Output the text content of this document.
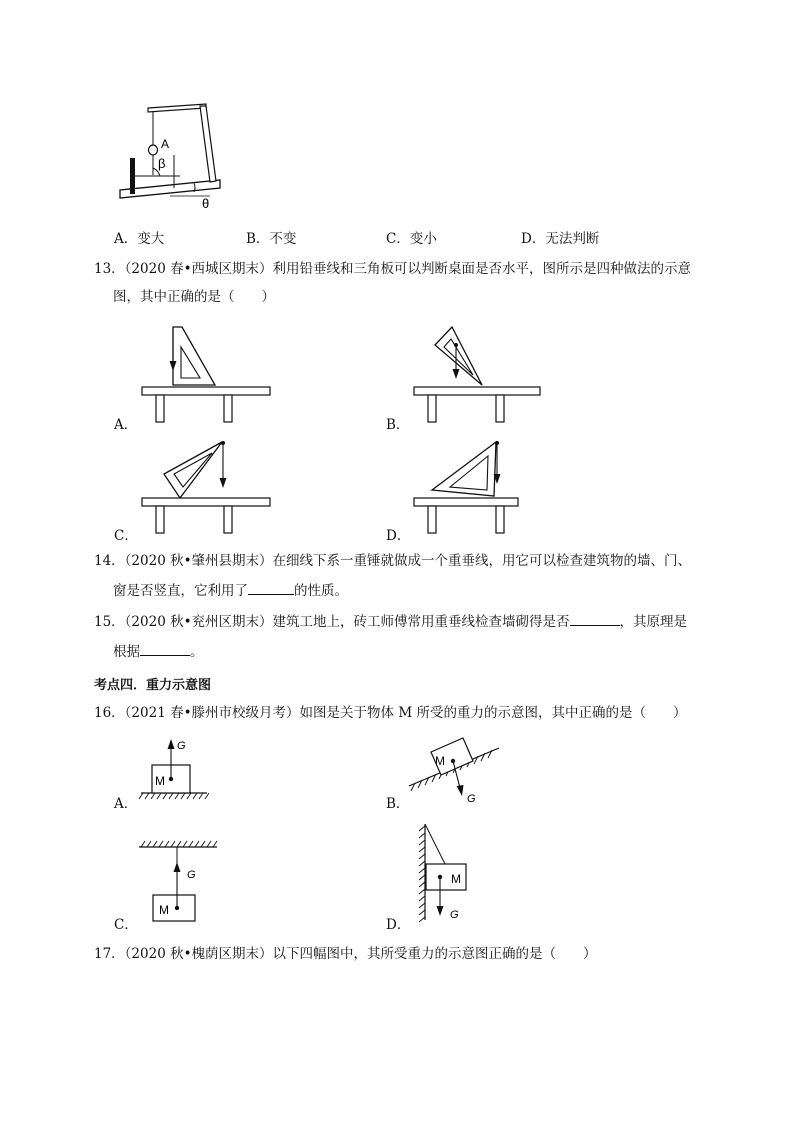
A
β
θ
A．变大	B．不变	C．变小	D．无法判断
13．（2020 春•西城区期末）利用铅垂线和三角板可以判断桌面是否水平，图所示是四种做法的示意
图，其中正确的是（　　）
A．	B．
C．	D．
14．（2020 秋•肇州县期末）在细线下系一重锤就做成一个重垂线，用它可以检查建筑物的墙、门、
窗是否竖直，它利用了	的性质。
15．（2020 秋•兖州区期末）建筑工地上，砖工师傅常用重垂线检查墙砌得是否	，其原理是
根据	。
考点四．重力示意图
16．（2021 春•滕州市校级月考）如图是关于物体 M 所受的重力的示意图，其中正确的是（　　）
M
G
A．
M
G
B．
M
G
C．
M
G
D．
17．（2020 秋•槐荫区期末）以下四幅图中，其所受重力的示意图正确的是（　　）
